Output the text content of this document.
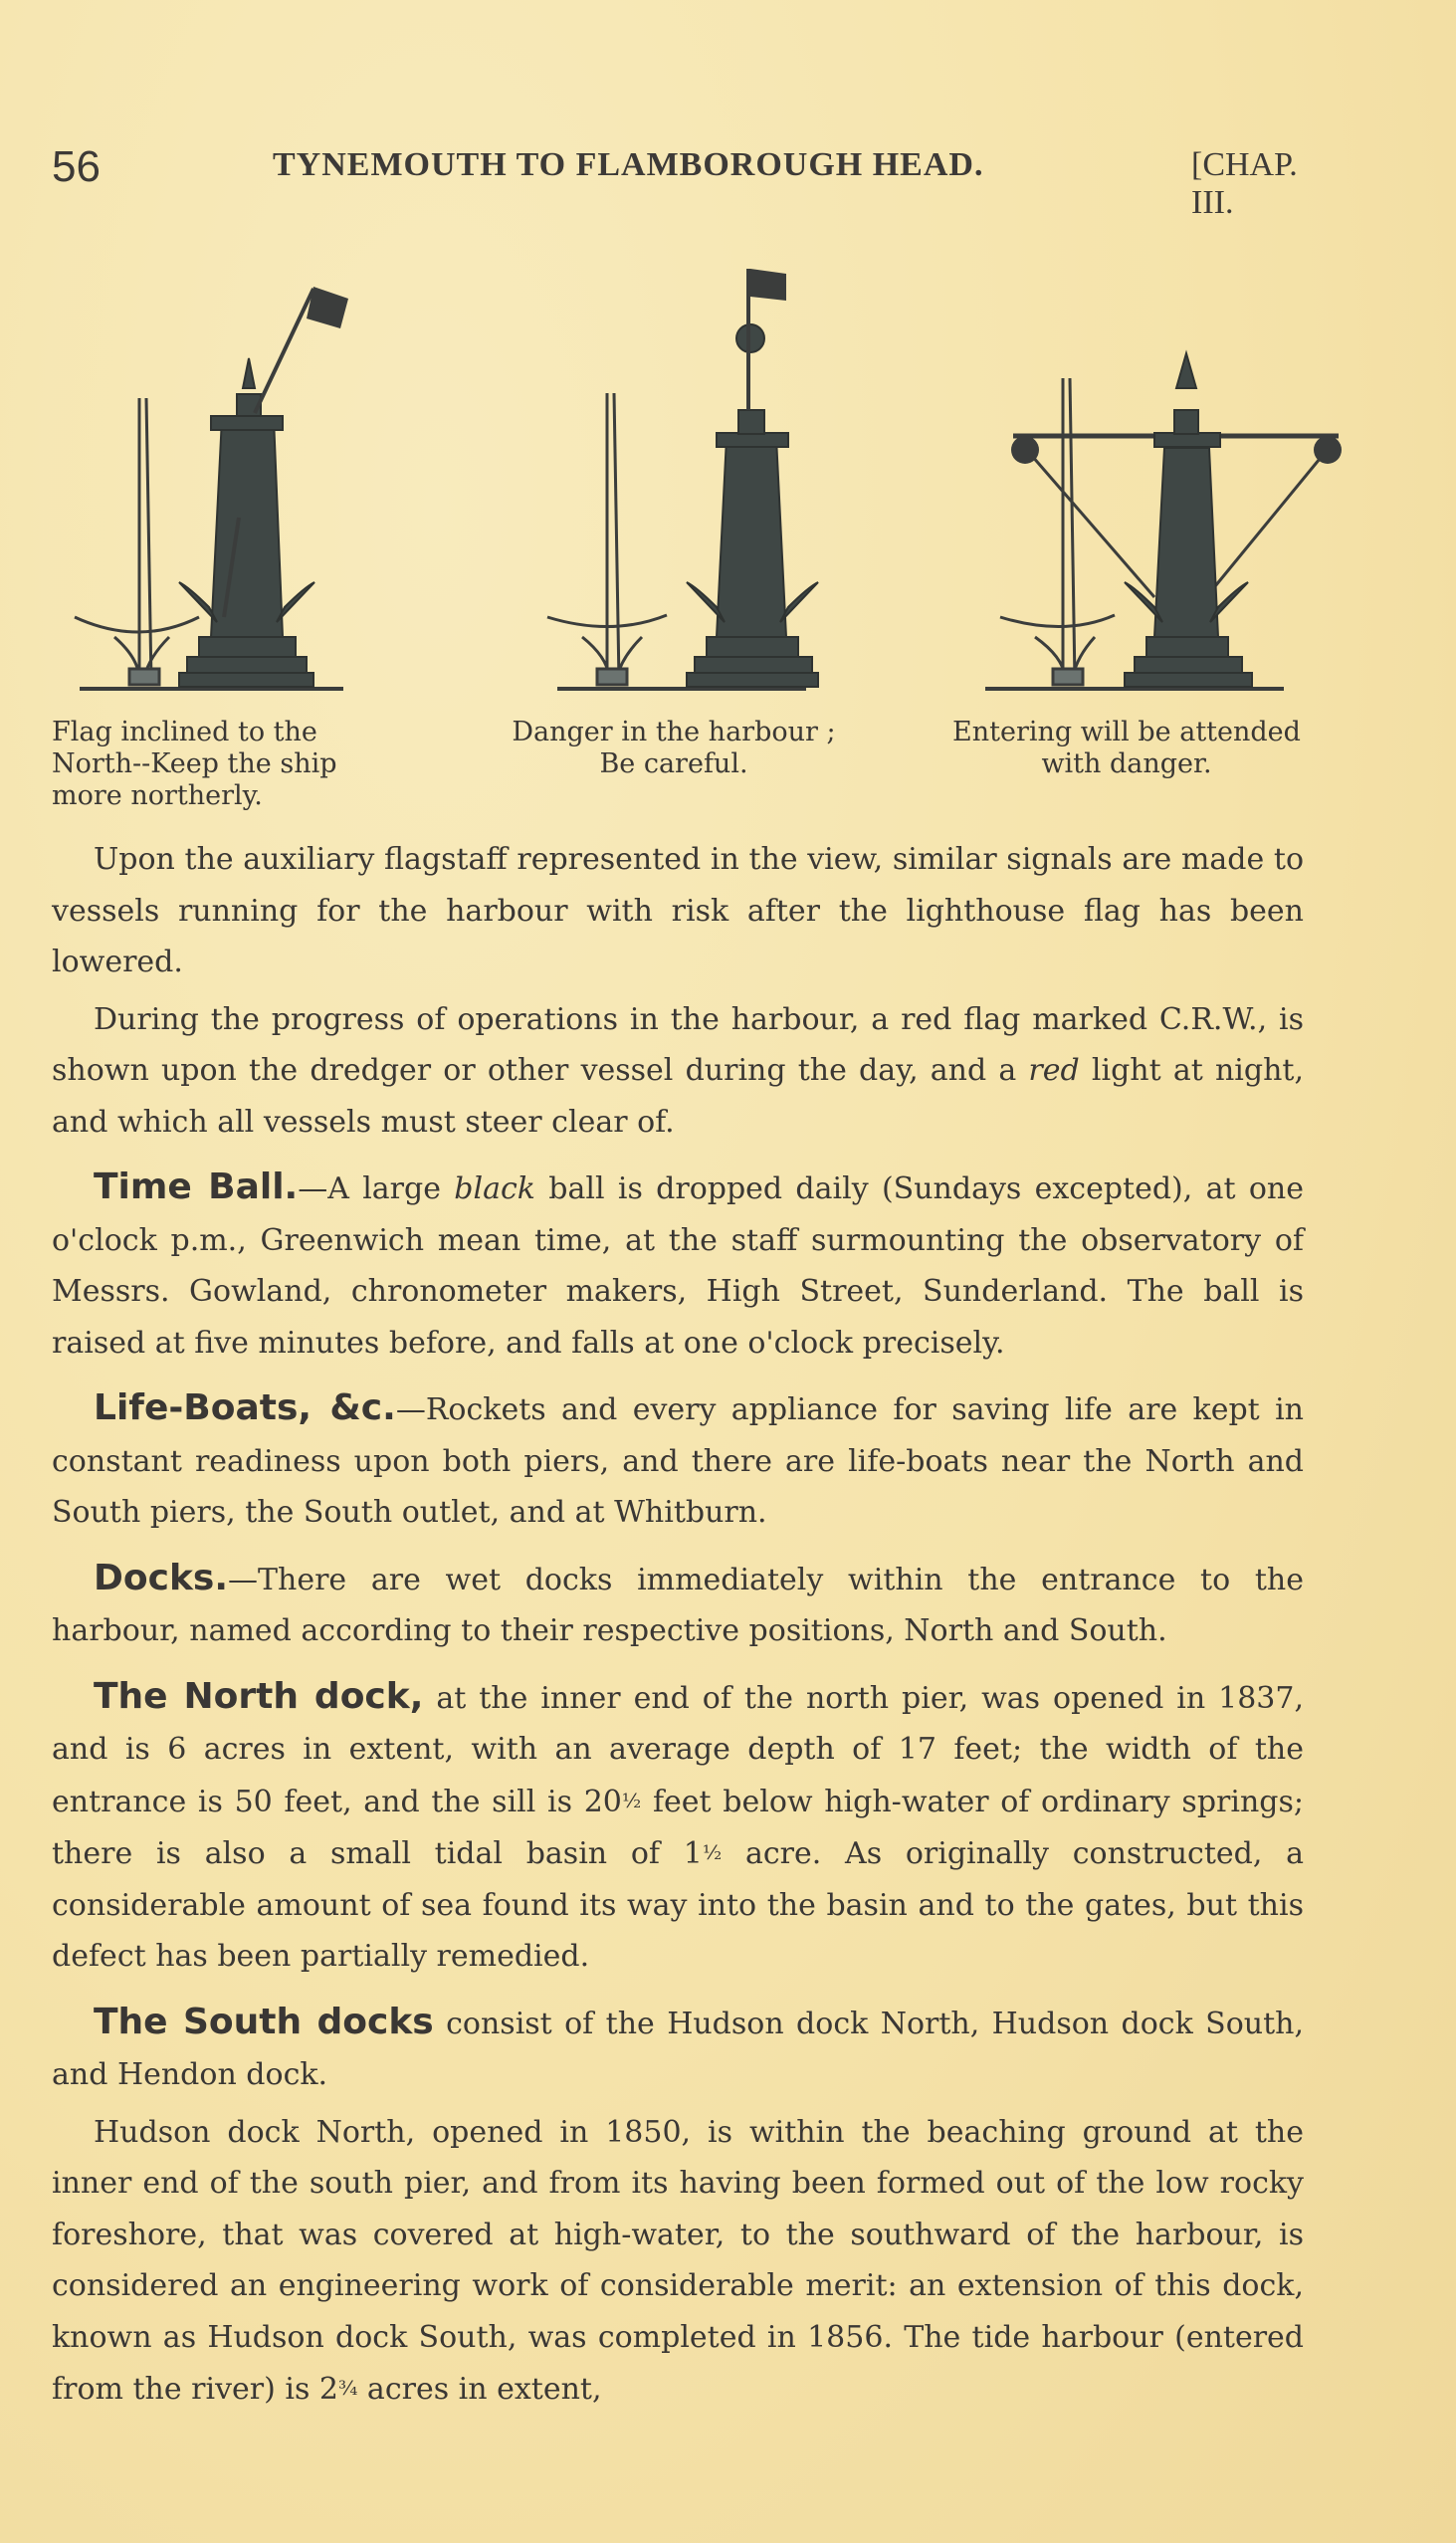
56	TYNEMOUTH TO FLAMBOROUGH HEAD.	[CHAP. III.
Flag inclined to the
North--Keep the ship
more northerly.
Danger in the harbour ;
Be careful.
Entering will be attended
with danger.

Upon the auxiliary flagstaff represented in the view, similar signals are made to vessels running for the harbour with risk after the lighthouse flag has been lowered.

During the progress of operations in the harbour, a red flag marked C.R.W., is shown upon the dredger or other vessel during the day, and a red light at night, and which all vessels must steer clear of.

Time Ball.—A large black ball is dropped daily (Sundays excepted), at one o'clock p.m., Greenwich mean time, at the staff surmounting the observatory of Messrs. Gowland, chronometer makers, High Street, Sunderland. The ball is raised at five minutes before, and falls at one o'clock precisely.

Life-Boats, &c.—Rockets and every appliance for saving life are kept in constant readiness upon both piers, and there are life-boats near the North and South piers, the South outlet, and at Whitburn.

Docks.—There are wet docks immediately within the entrance to the harbour, named according to their respective positions, North and South.

The North dock, at the inner end of the north pier, was opened in 1837, and is 6 acres in extent, with an average depth of 17 feet; the width of the entrance is 50 feet, and the sill is 20½ feet below high-water of ordinary springs; there is also a small tidal basin of 1½ acre. As originally constructed, a considerable amount of sea found its way into the basin and to the gates, but this defect has been partially remedied.

The South docks consist of the Hudson dock North, Hudson dock South, and Hendon dock.

Hudson dock North, opened in 1850, is within the beaching ground at the inner end of the south pier, and from its having been formed out of the low rocky foreshore, that was covered at high-water, to the southward of the harbour, is considered an engineering work of considerable merit: an extension of this dock, known as Hudson dock South, was completed in 1856. The tide harbour (entered from the river) is 2¾ acres in extent,
